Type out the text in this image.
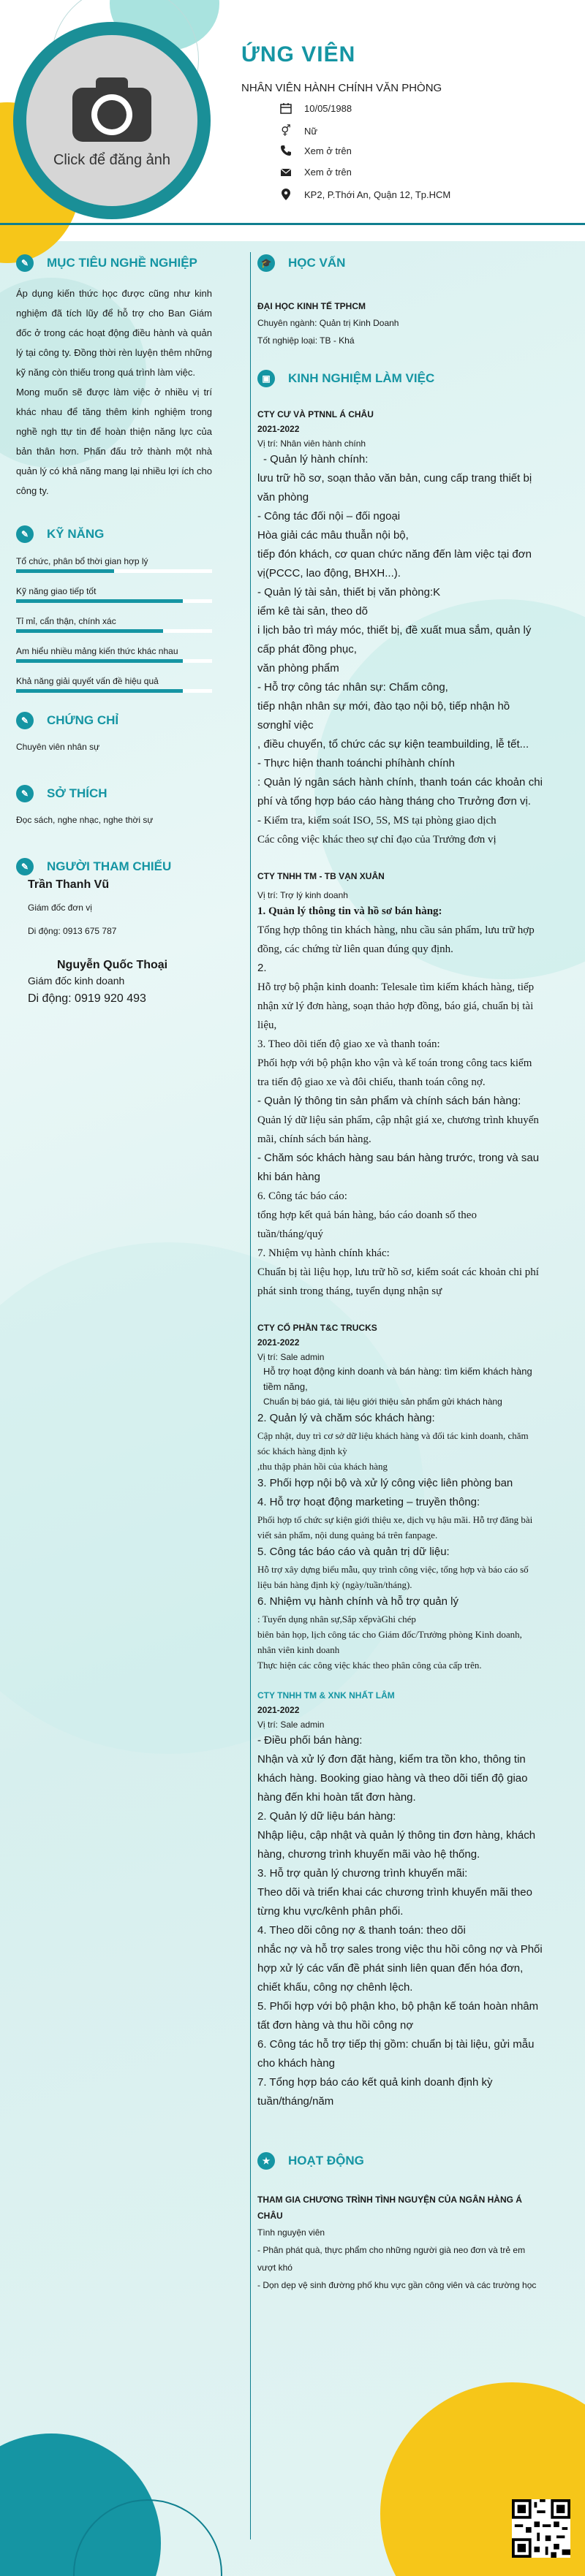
Click để đăng ảnh
ỨNG VIÊN
NHÂN VIÊN HÀNH CHÍNH VĂN PHÒNG
10/05/1988
⚥	Nữ
Xem ở trên
Xem ở trên
KP2, P.Thới An, Quận 12, Tp.HCM
✎	MỤC TIÊU NGHỀ NGHIỆP
Áp dụng kiến thức học được cũng như kinh nghiệm đã tích lũy để hỗ trợ cho Ban Giám đốc ở trong các hoạt động điều hành và quản lý tại công ty. Đồng thời rèn luyện thêm những kỹ năng còn thiếu trong quá trình làm việc.
Mong muốn sẽ được làm việc ở nhiều vị trí khác nhau để tăng thêm kinh nghiệm trong nghề ngh ttự tin để hoàn thiện năng lực của bản thân hơn. Phấn đấu trở thành một nhà quản lý có khả năng mang lại nhiều lợi ích cho công ty.
✎	KỸ NĂNG
Tổ chức, phân bổ thời gian hợp lý
Kỹ năng giao tiếp tốt
Tỉ mỉ, cẩn thận, chính xác
Am hiểu nhiều mảng kiến thức khác nhau
Khả năng giải quyết vấn đề hiệu quả
✎	CHỨNG CHỈ
Chuyên viên nhân sự
✎	SỞ THÍCH
Đọc sách, nghe nhạc, nghe thời sự
✎	NGƯỜI THAM CHIẾU
Trần Thanh Vũ
Giám đốc đơn vị
Di động: 0913 675 787
Nguyễn Quốc Thoại
Giám đốc kinh doanh
Di động: 0919 920 493
🎓 HỌC VẤN
ĐẠI HỌC KINH TẾ TPHCM
Chuyên ngành: Quản trị Kinh Doanh
Tốt nghiệp loại: TB - Khá
▣	KINH NGHIỆM LÀM VIỆC
CTY CƯ VÀ PTNNL Á CHÂU
2021-2022
Vị trí: Nhân viên hành chính
- Quản lý hành chính:
lưu trữ hồ sơ, soạn thảo văn bản, cung cấp trang thiết bị văn phòng
- Công tác đối nội – đối ngoại
Hòa giải các mâu thuẫn nội bộ,
tiếp đón khách, cơ quan chức năng đến làm việc tại đơn vị(PCCC, lao động, BHXH...).
- Quản lý tài sản, thiết bị văn phòng:K
iểm kê tài sản, theo dõ
i lịch bảo trì máy móc, thiết bị, đề xuất mua sắm, quản lý cấp phát đồng phục,
văn phòng phẩm
- Hỗ trợ công tác nhân sự: Chấm công,
tiếp nhận nhân sự mới, đào tạo nội bộ, tiếp nhận hồ sơnghỉ việc
, điều chuyển, tổ chức các sự kiện teambuilding, lễ tết...
- Thực hiện thanh toánchi phíhành chính
: Quản lý ngân sách hành chính, thanh toán các khoản chi phí và tổng hợp báo cáo hàng tháng cho Trưởng đơn vị.
- Kiểm tra, kiểm soát ISO, 5S, MS tại phòng giao dịch
Các công việc khác theo sự chỉ đạo của Trưởng đơn vị
CTY TNHH TM - TB VẠN XUÂN
Vị trí: Trợ lý kinh doanh
1. Quản lý thông tin và hồ sơ bán hàng:
Tổng hợp thông tin khách hàng, nhu cầu sản phẩm, lưu trữ hợp đồng, các chứng từ liên quan đúng quy định.
2.
Hỗ trợ bộ phận kinh doanh: Telesale tìm kiếm khách hàng, tiếp nhận xử lý đơn hàng, soạn thảo hợp đồng, báo giá, chuẩn bị tài liệu,
3. Theo dõi tiến độ giao xe và thanh toán:
Phối hợp với bộ phận kho vận và kế toán trong công tacs kiểm tra tiến độ giao xe và đôi chiếu, thanh toán công nợ.
- Quản lý thông tin sản phẩm và chính sách bán hàng:
Quản lý dữ liệu sản phẩm, cập nhật giá xe, chương trình khuyến mãi, chính sách bán hàng.
- Chăm sóc khách hàng sau bán hàng trước, trong và sau khi bán hàng
6. Công tác báo cáo:
tổng hợp kết quả bán hàng, báo cáo doanh số theo tuần/tháng/quý
7. Nhiệm vụ hành chính khác:
Chuẩn bị tài liệu họp, lưu trữ hồ sơ, kiểm soát các khoản chi phí phát sinh trong tháng, tuyển dụng nhận sự
CTY CỔ PHẦN T&C TRUCKS
2021-2022
Vị trí: Sale admin
Hỗ trợ hoạt động kinh doanh và bán hàng: tìm kiếm khách hàng tiềm năng,
Chuẩn bị báo giá, tài liệu giới thiệu sản phẩm gửi khách hàng
2. Quản lý và chăm sóc khách hàng:
Cập nhật, duy trì cơ sở dữ liệu khách hàng và đối tác kinh doanh, chăm sóc khách hàng định kỳ
,thu thập phản hồi của khách hàng
3. Phối hợp nội bộ và xử lý công việc liên phòng ban
4. Hỗ trợ hoạt động marketing – truyền thông:
Phối hợp tổ chức sự kiện giới thiệu xe, dịch vụ hậu mãi. Hỗ trợ đăng bài viết sản phẩm, nội dung quảng bá trên fanpage.
5. Công tác báo cáo và quản trị dữ liệu:
Hỗ trợ xây dựng biểu mẫu, quy trình công việc, tổng hợp và báo cáo số liệu bán hàng định kỳ (ngày/tuần/tháng).
6. Nhiệm vụ hành chính và hỗ trợ quản lý
: Tuyển dụng nhân sự,Sắp xếpvàGhi chép
biên bản họp, lịch công tác cho Giám đốc/Trưởng phòng Kinh doanh, nhân viên kinh doanh
Thực hiện các công việc khác theo phân công của cấp trên.
CTY TNHH TM & XNK NHẤT LÂM
2021-2022
Vị trí: Sale admin
- Điều phối bán hàng:
Nhận và xử lý đơn đặt hàng, kiểm tra tồn kho, thông tin khách hàng. Booking giao hàng và theo dõi tiến độ giao hàng đến khi hoàn tất đơn hàng.
2. Quản lý dữ liệu bán hàng:
Nhập liệu, cập nhật và quản lý thông tin đơn hàng, khách hàng, chương trình khuyến mãi vào hệ thống.
3. Hỗ trợ quản lý chương trình khuyến mãi:
Theo dõi và triển khai các chương trình khuyến mãi theo từng khu vực/kênh phân phối.
4. Theo dõi công nợ & thanh toán: theo dõi
nhắc nợ và hỗ trợ sales trong việc thu hồi công nợ và Phối hợp xử lý các vấn đề phát sinh liên quan đến hóa đơn, chiết khấu, công nợ chênh lệch.
5. Phối hợp với bộ phận kho, bộ phận kế toán hoàn nhâm tất đơn hàng và thu hồi công nợ
6. Công tác hỗ trợ tiếp thị gồm: chuẩn bị tài liệu, gửi mẫu cho khách hàng
7. Tổng hợp báo cáo kết quả kinh doanh định kỳ tuần/tháng/năm
★	HOẠT ĐỘNG
THAM GIA CHƯƠNG TRÌNH TÌNH NGUYỆN CỦA NGÂN HÀNG Á CHÂU
Tình nguyện viên
- Phân phát quà, thực phẩm cho những người già neo đơn và trẻ em vượt khó
- Dọn dẹp vệ sinh đường phố khu vực gần công viên và các trường học
